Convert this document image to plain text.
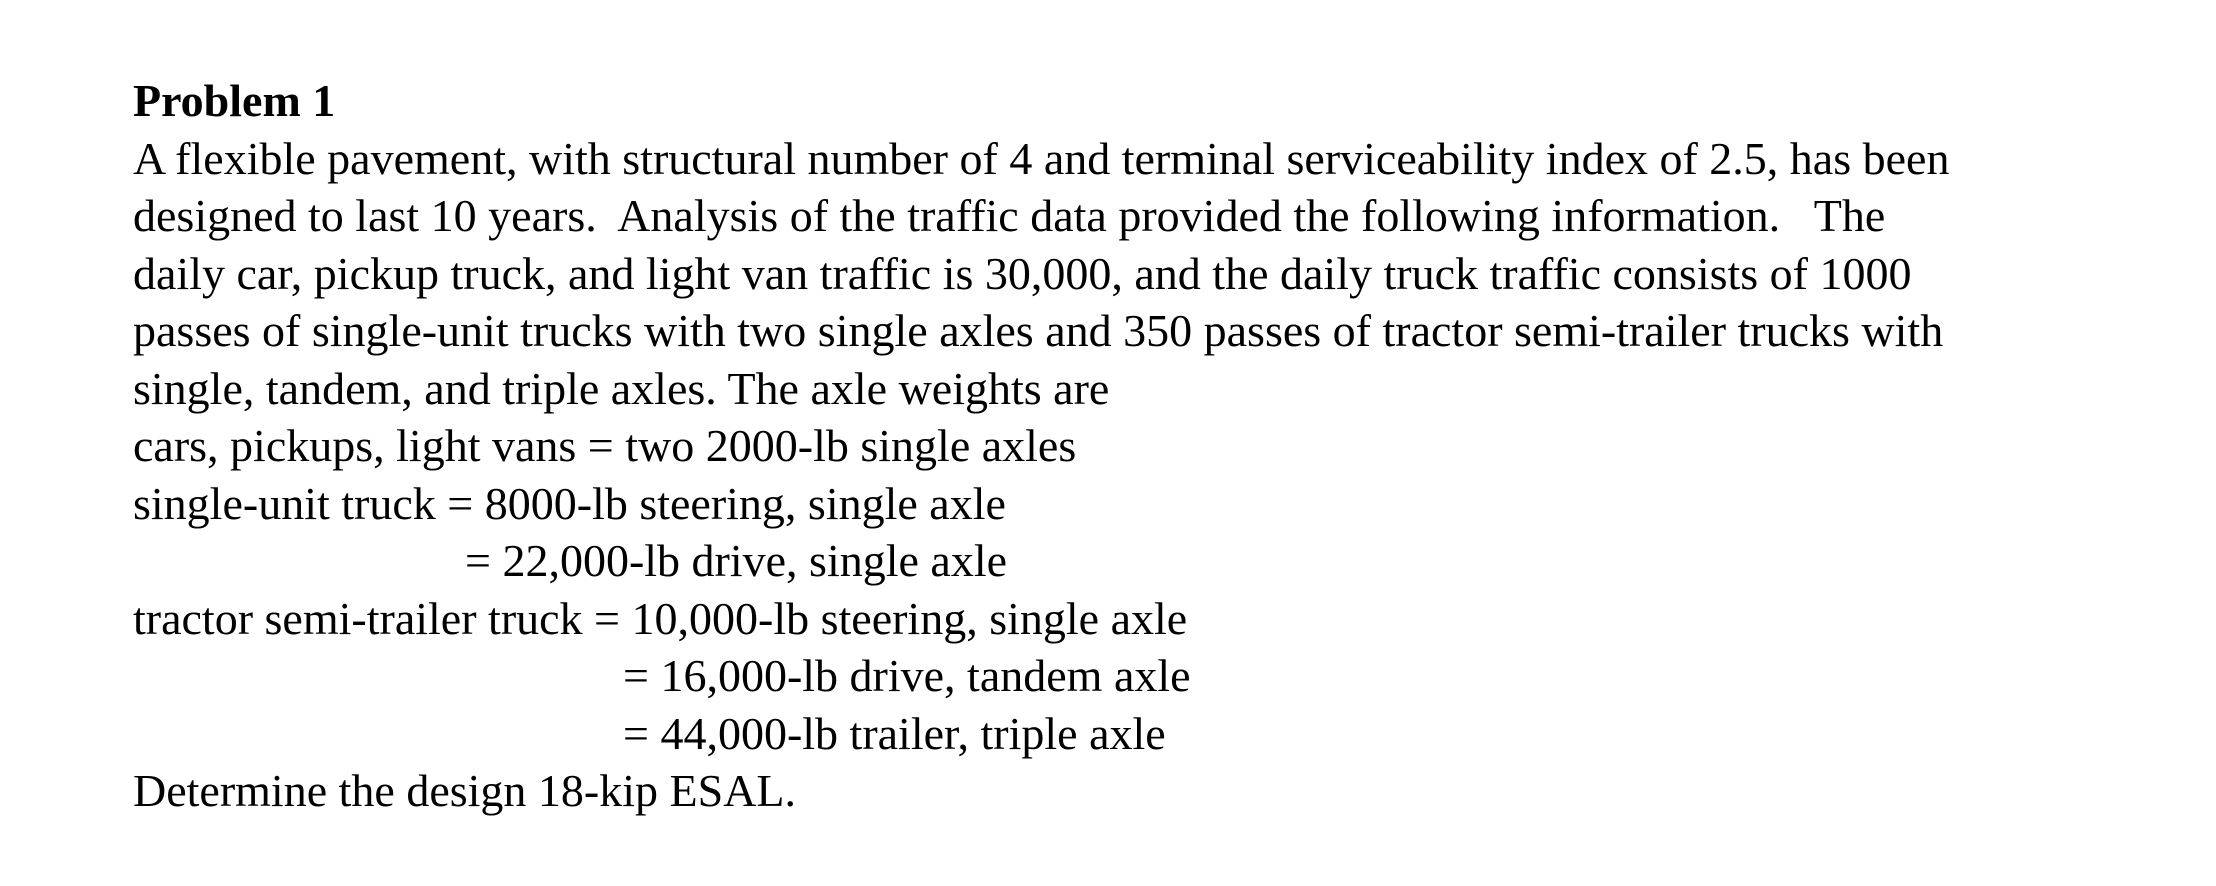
Problem 1
A flexible pavement, with structural number of 4 and terminal serviceability index of 2.5, has been
designed to last 10 years.  Analysis of the traffic data provided the following information.   The
daily car, pickup truck, and light van traffic is 30,000, and the daily truck traffic consists of 1000
passes of single-unit trucks with two single axles and 350 passes of tractor semi-trailer trucks with
single, tandem, and triple axles. The axle weights are
cars, pickups, light vans = two 2000-lb single axles
single-unit truck = 8000-lb steering, single axle
= 22,000-lb drive, single axle
tractor semi-trailer truck = 10,000-lb steering, single axle
= 16,000-lb drive, tandem axle
= 44,000-lb trailer, triple axle
Determine the design 18-kip ESAL.
